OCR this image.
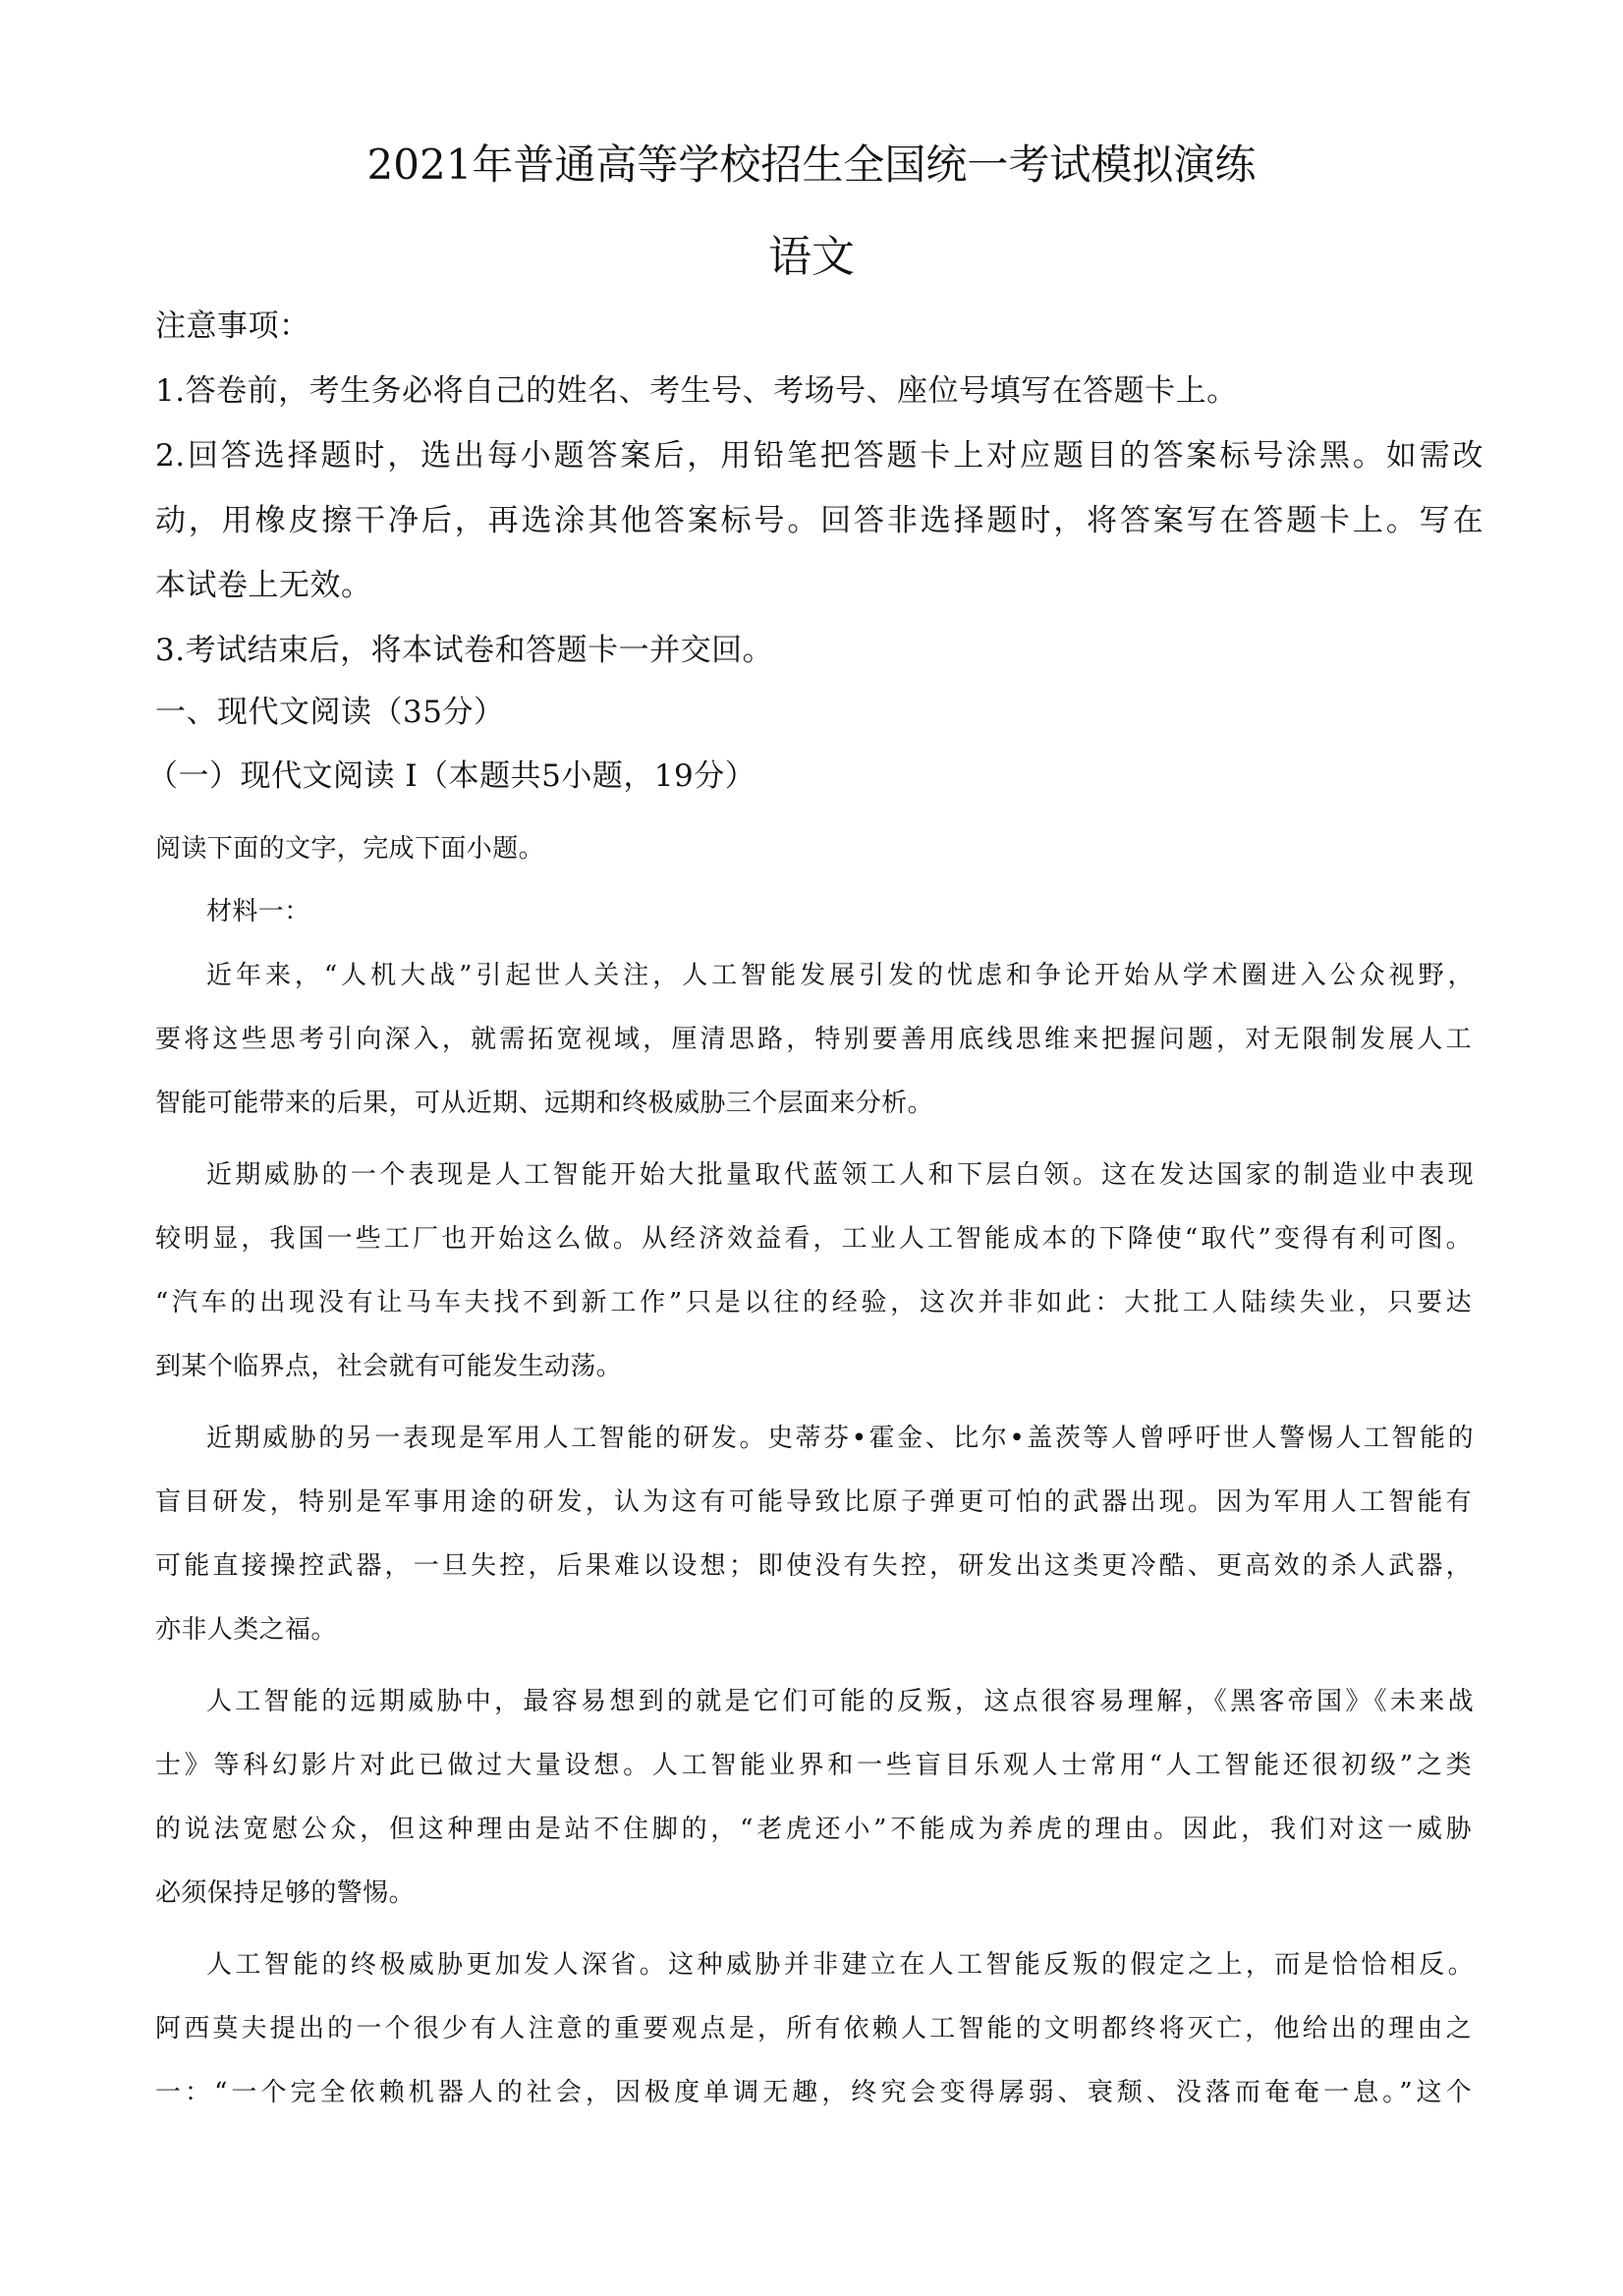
2021年普通高等学校招生全国统一考试模拟演练
语文
注意事项：
1.答卷前，考生务必将自己的姓名、考生号、考场号、座位号填写在答题卡上。
2.回答选择题时，选出每小题答案后，用铅笔把答题卡上对应题目的答案标号涂黑。如需改
动，用橡皮擦干净后，再选涂其他答案标号。回答非选择题时，将答案写在答题卡上。写在
本试卷上无效。
3.考试结束后，将本试卷和答题卡一并交回。
一、现代文阅读（35分）
（一）现代文阅读 I（本题共5小题，19分）
阅读下面的文字，完成下面小题。
材料一：
近年来，“人机大战”引起世人关注，人工智能发展引发的忧虑和争论开始从学术圈进入公众视野，
要将这些思考引向深入，就需拓宽视域，厘清思路，特别要善用底线思维来把握问题，对无限制发展人工
智能可能带来的后果，可从近期、远期和终极威胁三个层面来分析。
近期威胁的一个表现是人工智能开始大批量取代蓝领工人和下层白领。这在发达国家的制造业中表现
较明显，我国一些工厂也开始这么做。从经济效益看，工业人工智能成本的下降使“取代”变得有利可图。
“汽车的出现没有让马车夫找不到新工作”只是以往的经验，这次并非如此：大批工人陆续失业，只要达
到某个临界点，社会就有可能发生动荡。
近期威胁的另一表现是军用人工智能的研发。史蒂芬•霍金、比尔•盖茨等人曾呼吁世人警惕人工智能的
盲目研发，特别是军事用途的研发，认为这有可能导致比原子弹更可怕的武器出现。因为军用人工智能有
可能直接操控武器，一旦失控，后果难以设想；即使没有失控，研发出这类更冷酷、更高效的杀人武器，
亦非人类之福。
人工智能的远期威胁中，最容易想到的就是它们可能的反叛，这点很容易理解，《黑客帝国》《未来战
士》等科幻影片对此已做过大量设想。人工智能业界和一些盲目乐观人士常用“人工智能还很初级”之类
的说法宽慰公众，但这种理由是站不住脚的，“老虎还小”不能成为养虎的理由。因此，我们对这一威胁
必须保持足够的警惕。
人工智能的终极威胁更加发人深省。这种威胁并非建立在人工智能反叛的假定之上，而是恰恰相反。
阿西莫夫提出的一个很少有人注意的重要观点是，所有依赖人工智能的文明都终将灭亡，他给出的理由之
一：“一个完全依赖机器人的社会，因极度单调无趣，终究会变得孱弱、衰颓、没落而奄奄一息。”这个
